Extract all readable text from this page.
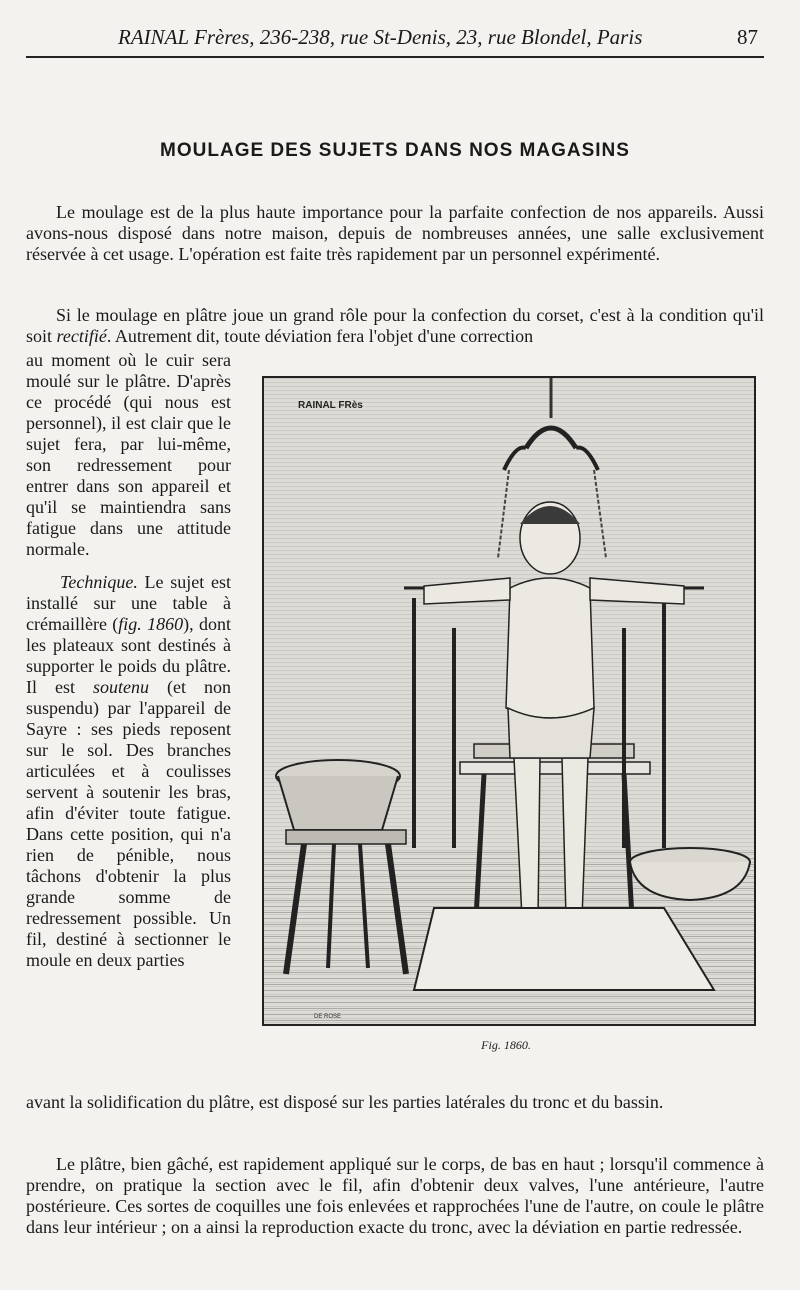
RAINAL Frères, 236-238, rue St-Denis, 23, rue Blondel, Paris	87
MOULAGE DES SUJETS DANS NOS MAGASINS
Le moulage est de la plus haute importance pour la parfaite confection de nos appareils. Aussi avons-nous disposé dans notre maison, depuis de nombreuses années, une salle exclusivement réservée à cet usage. L'opération est faite très rapidement par un personnel expérimenté.
Si le moulage en plâtre joue un grand rôle pour la confection du corset, c'est à la condition qu'il soit rectifié. Autrement dit, toute déviation fera l'objet d'une correction
au moment où le cuir sera moulé sur le plâtre. D'après ce procédé (qui nous est personnel), il est clair que le sujet fera, par lui-même, son redressement pour entrer dans son appareil et qu'il se maintiendra sans fatigue dans une attitude normale.
Technique. Le sujet est installé sur une table à crémaillère (fig. 1860), dont les plateaux sont destinés à supporter le poids du plâtre. Il est soutenu (et non suspendu) par l'appareil de Sayre : ses pieds reposent sur le sol. Des branches articulées et à coulisses servent à soutenir les bras, afin d'éviter toute fatigue. Dans cette position, qui n'a rien de pénible, nous tâchons d'obtenir la plus grande somme de redressement possible. Un fil, destiné à sectionner le moule en deux parties
avant la solidification du plâtre, est disposé sur les parties latérales du tronc et du bassin.
Le plâtre, bien gâché, est rapidement appliqué sur le corps, de bas en haut ; lorsqu'il commence à prendre, on pratique la section avec le fil, afin d'obtenir deux valves, l'une antérieure, l'autre postérieure. Ces sortes de coquilles une fois enlevées et rapprochées l'une de l'autre, on coule le plâtre dans leur intérieur ; on a ainsi la reproduction exacte du tronc, avec la déviation en partie redressée.
RAINAL FRès
DE ROSE
Fig. 1860.
